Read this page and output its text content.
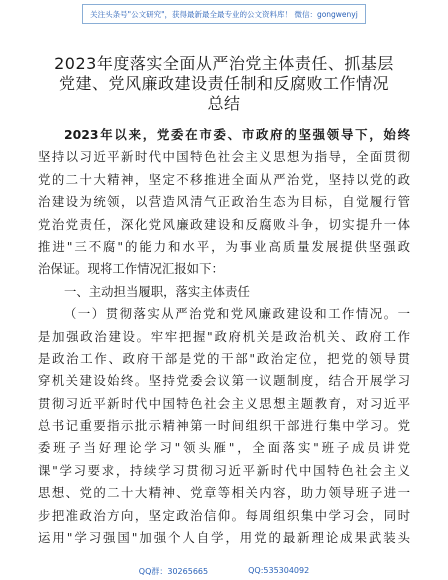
关注头条号"公文研究"，获得最新最全最专业的公文资料库！ 微信：gongwenyj
2023年度落实全面从严治党主体责任、抓基层
党建、党风廉政建设责任制和反腐败工作情况
总结
2023年以来，党委在市委、市政府的坚强领导下，始终
坚持以习近平新时代中国特色社会主义思想为指导，全面贯彻
党的二十大精神，坚定不移推进全面从严治党，坚持以党的政
治建设为统领，以营造风清气正政治生态为目标，自觉履行管
党治党责任，深化党风廉政建设和反腐败斗争，切实提升一体
推进"三不腐"的能力和水平，为事业高质量发展提供坚强政
治保证。现将工作情况汇报如下：
一、主动担当履职，落实主体责任
（一）贯彻落实从严治党和党风廉政建设和工作情况。一
是加强政治建设。牢牢把握"政府机关是政治机关、政府工作
是政治工作、政府干部是党的干部"政治定位，把党的领导贯
穿机关建设始终。坚持党委会议第一议题制度，结合开展学习
贯彻习近平新时代中国特色社会主义思想主题教育，对习近平
总书记重要指示批示精神第一时间组织干部进行集中学习。党
委班子当好理论学习"领头雁"，全面落实"班子成员讲党
课"学习要求，持续学习贯彻习近平新时代中国特色社会主义
思想、党的二十大精神、党章等相关内容，助力领导班子进一
步把准政治方向，坚定政治信仰。每周组织集中学习会，同时
运用"学习强国"加强个人自学，用党的最新理论成果武装头
QQ群：30265665	QQ:535304092
